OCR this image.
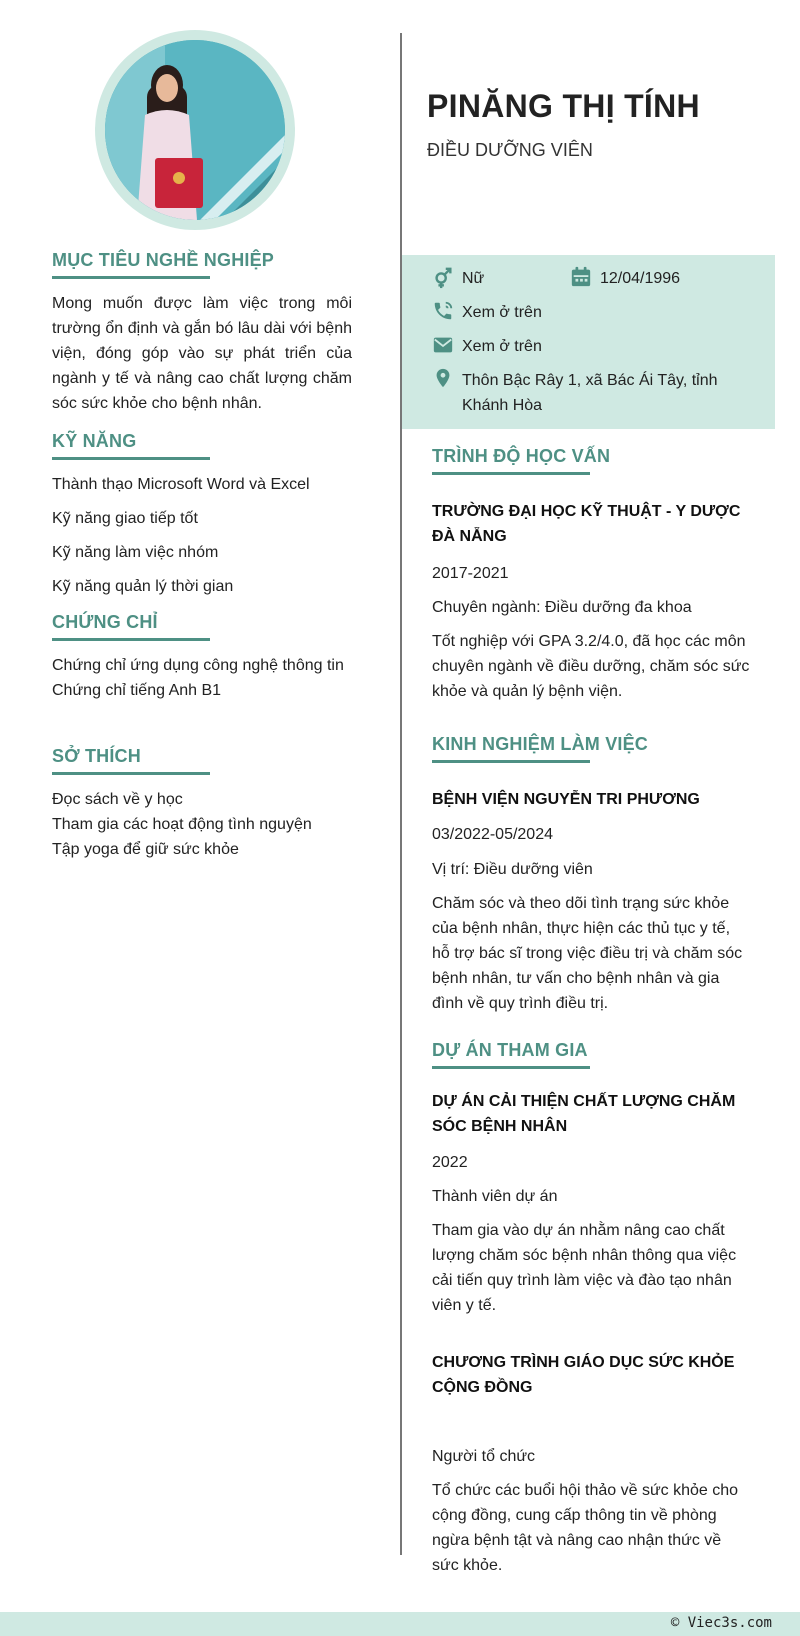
MỤC TIÊU NGHỀ NGHIỆP
Mong muốn được làm việc trong môi trường ổn định và gắn bó lâu dài với bệnh viện, đóng góp vào sự phát triển của ngành y tế và nâng cao chất lượng chăm sóc sức khỏe cho bệnh nhân.
KỸ NĂNG
Thành thạo Microsoft Word và Excel
Kỹ năng giao tiếp tốt
Kỹ năng làm việc nhóm
Kỹ năng quản lý thời gian
CHỨNG CHỈ
Chứng chỉ ứng dụng công nghệ thông tin
Chứng chỉ tiếng Anh B1
SỞ THÍCH
Đọc sách về y học
Tham gia các hoạt động tình nguyện
Tập yoga để giữ sức khỏe
PINĂNG THỊ TÍNH
ĐIỀU DƯỠNG VIÊN
Nữ	12/04/1996
Xem ở trên
Xem ở trên
Thôn Bậc Rây 1, xã Bác Ái Tây, tỉnh Khánh Hòa
TRÌNH ĐỘ HỌC VẤN
TRƯỜNG ĐẠI HỌC KỸ THUẬT - Y DƯỢC ĐÀ NẴNG
2017-2021
Chuyên ngành: Điều dưỡng đa khoa
Tốt nghiệp với GPA 3.2/4.0, đã học các môn chuyên ngành về điều dưỡng, chăm sóc sức khỏe và quản lý bệnh viện.
KINH NGHIỆM LÀM VIỆC
BỆNH VIỆN NGUYỄN TRI PHƯƠNG
03/2022-05/2024
Vị trí: Điều dưỡng viên
Chăm sóc và theo dõi tình trạng sức khỏe của bệnh nhân, thực hiện các thủ tục y tế, hỗ trợ bác sĩ trong việc điều trị và chăm sóc bệnh nhân, tư vấn cho bệnh nhân và gia đình về quy trình điều trị.
DỰ ÁN THAM GIA
DỰ ÁN CẢI THIỆN CHẤT LƯỢNG CHĂM SÓC BỆNH NHÂN
2022
Thành viên dự án
Tham gia vào dự án nhằm nâng cao chất lượng chăm sóc bệnh nhân thông qua việc cải tiến quy trình làm việc và đào tạo nhân viên y tế.
CHƯƠNG TRÌNH GIÁO DỤC SỨC KHỎE CỘNG ĐỒNG
Người tổ chức
Tổ chức các buổi hội thảo về sức khỏe cho cộng đồng, cung cấp thông tin về phòng ngừa bệnh tật và nâng cao nhận thức về sức khỏe.
© Viec3s.com
